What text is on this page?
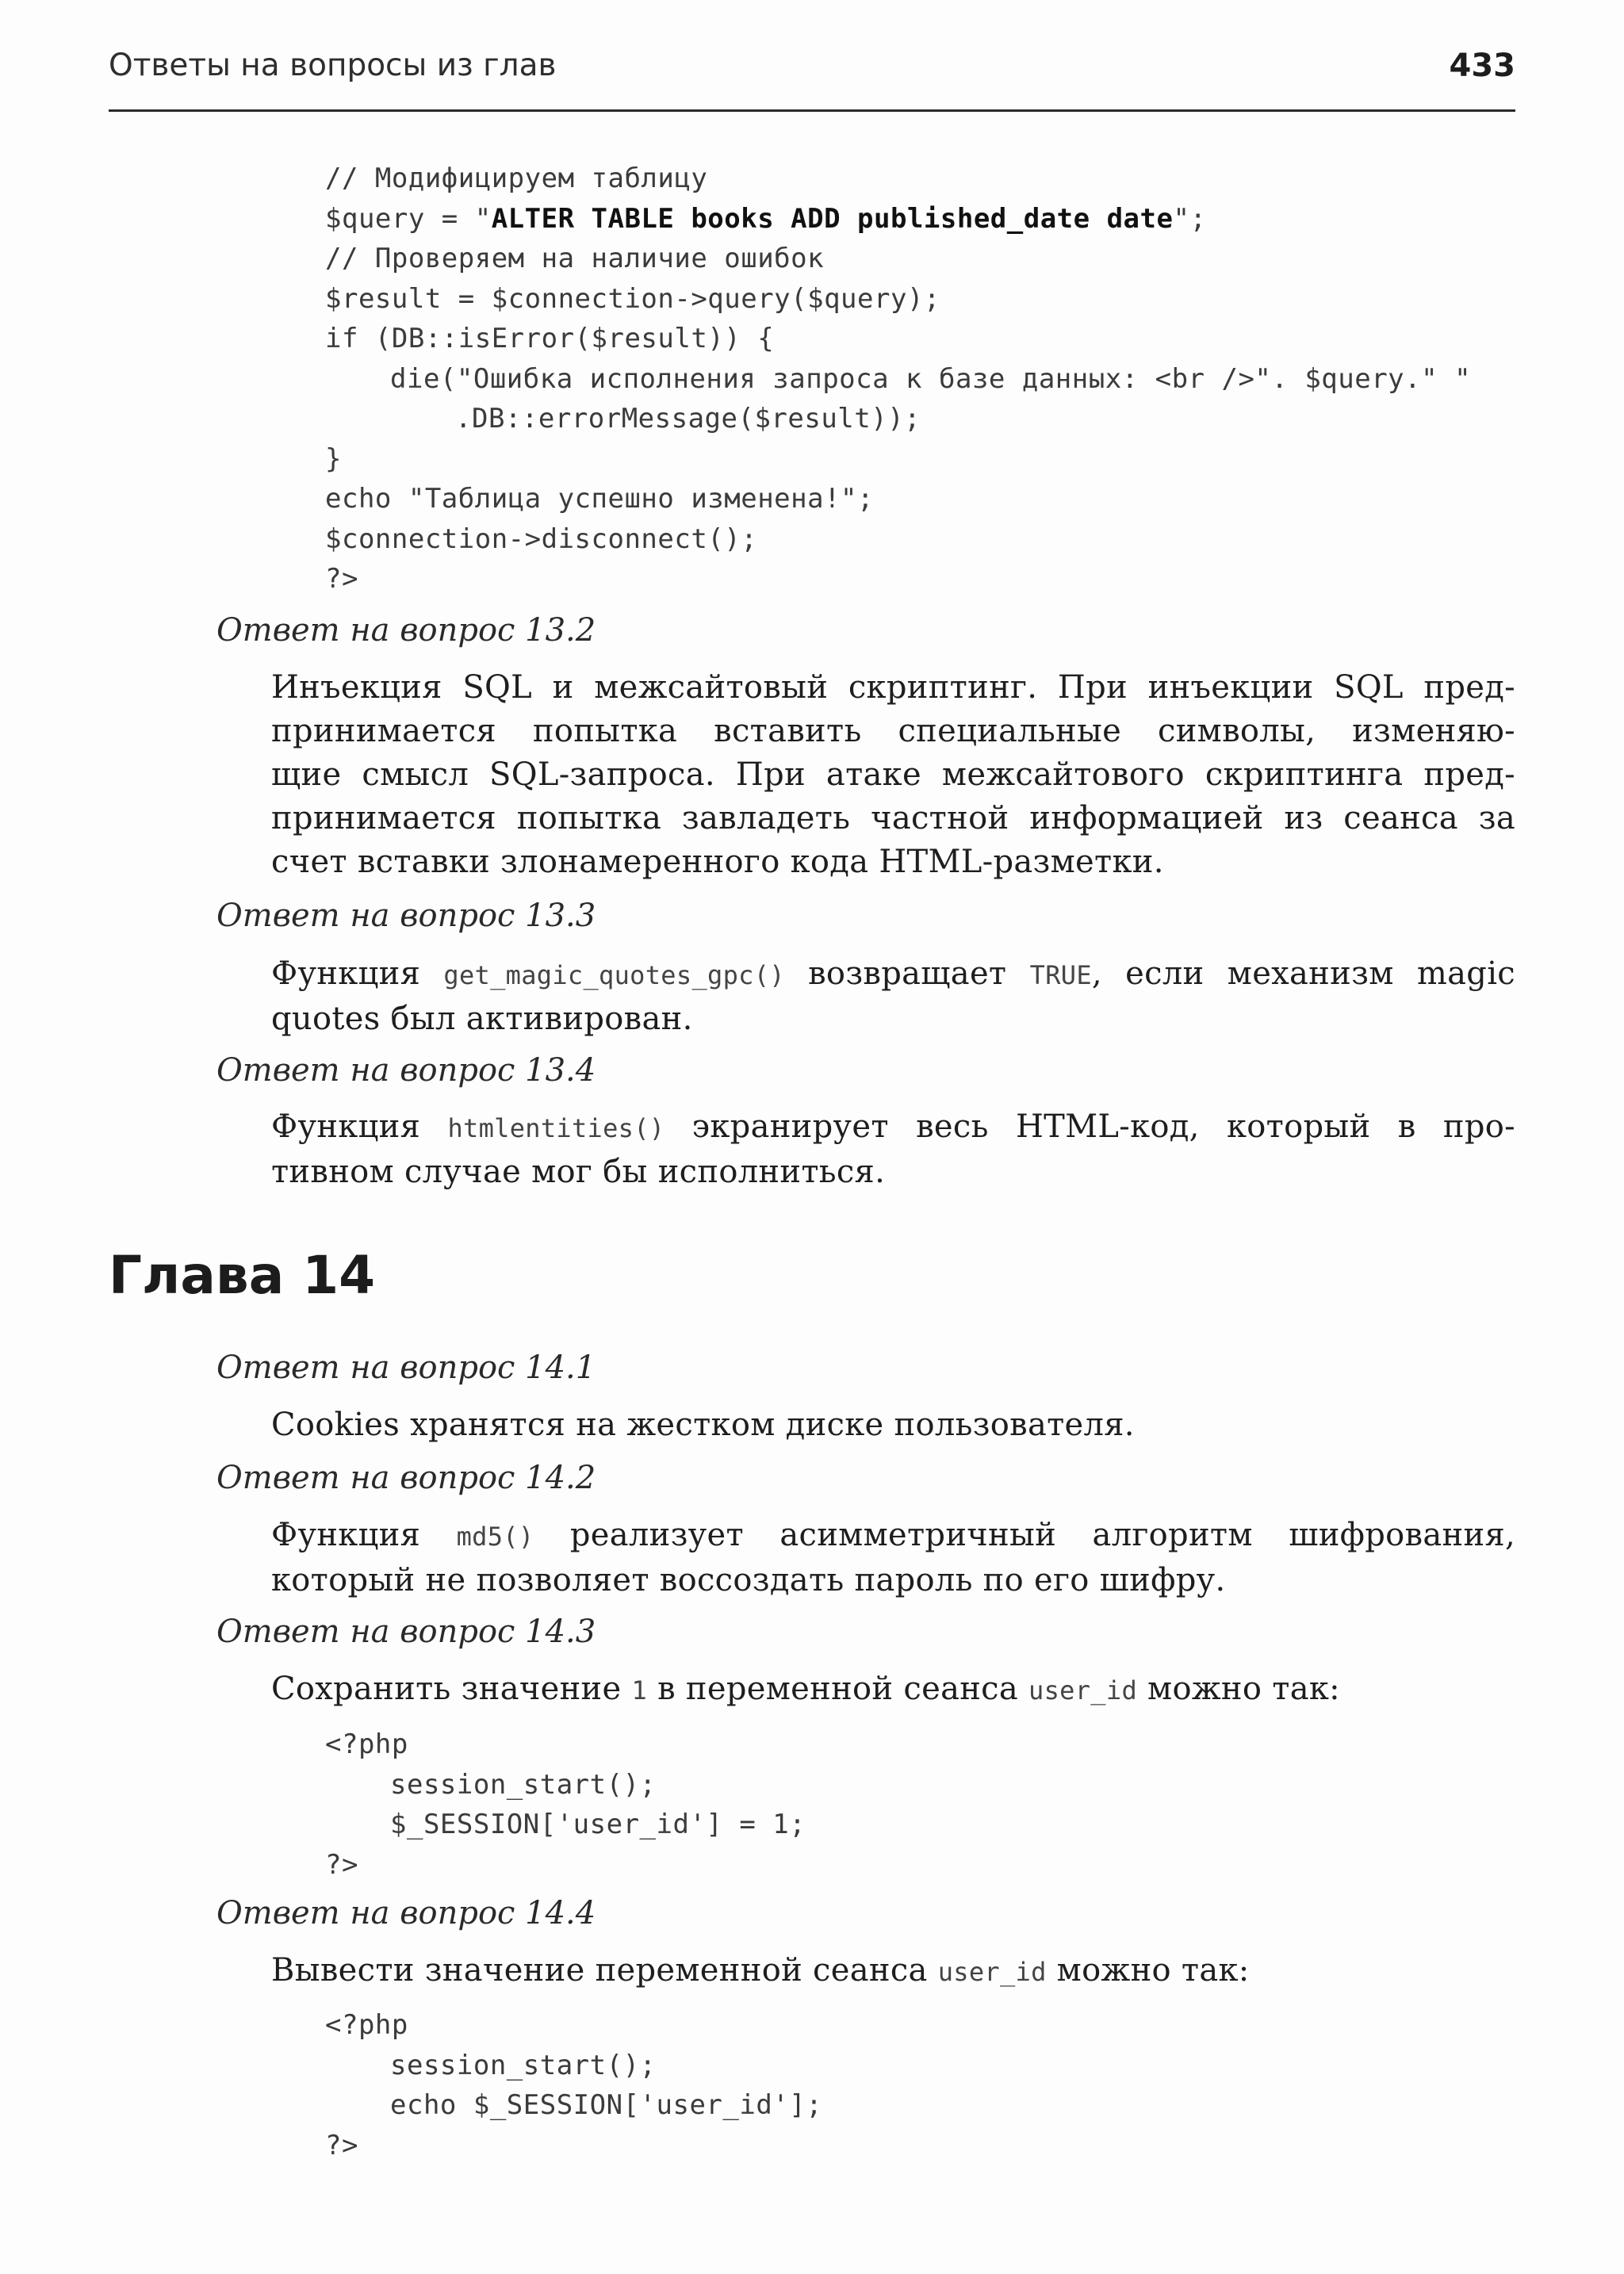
Ответы на вопросы из глав	433
// Модифицируем таблицу
$query = "ALTER TABLE books ADD published_date date";
// Проверяем на наличие ошибок
$result = $connection->query($query);
if (DB::isError($result)) {
die("Ошибка исполнения запроса к базе данных: <br />". $query." "
.DB::errorMessage($result));
}
echo "Таблица успешно изменена!";
$connection->disconnect();
?>
Ответ на вопрос 13.2
Инъекция SQL и межсайтовый скриптинг. При инъекции SQL пред-
принимается попытка вставить специальные символы, изменяю-
щие смысл SQL-запроса. При атаке межсайтового скриптинга пред-
принимается попытка завладеть частной информацией из сеанса за
счет вставки злонамеренного кода HTML-разметки.
Ответ на вопрос 13.3
Функция get_magic_quotes_gpc() возвращает TRUE, если механизм magic
quotes был активирован.
Ответ на вопрос 13.4
Функция htmlentities() экранирует весь HTML-код, который в про-
тивном случае мог бы исполниться.
Глава 14
Ответ на вопрос 14.1
Cookies хранятся на жестком диске пользователя.
Ответ на вопрос 14.2
Функция md5() реализует асимметричный алгоритм шифрования,
который не позволяет воссоздать пароль по его шифру.
Ответ на вопрос 14.3
Сохранить значение 1 в переменной сеанса user_id можно так:
<?php
session_start();
$_SESSION['user_id'] = 1;
?>
Ответ на вопрос 14.4
Вывести значение переменной сеанса user_id можно так:
<?php
session_start();
echo $_SESSION['user_id'];
?>
